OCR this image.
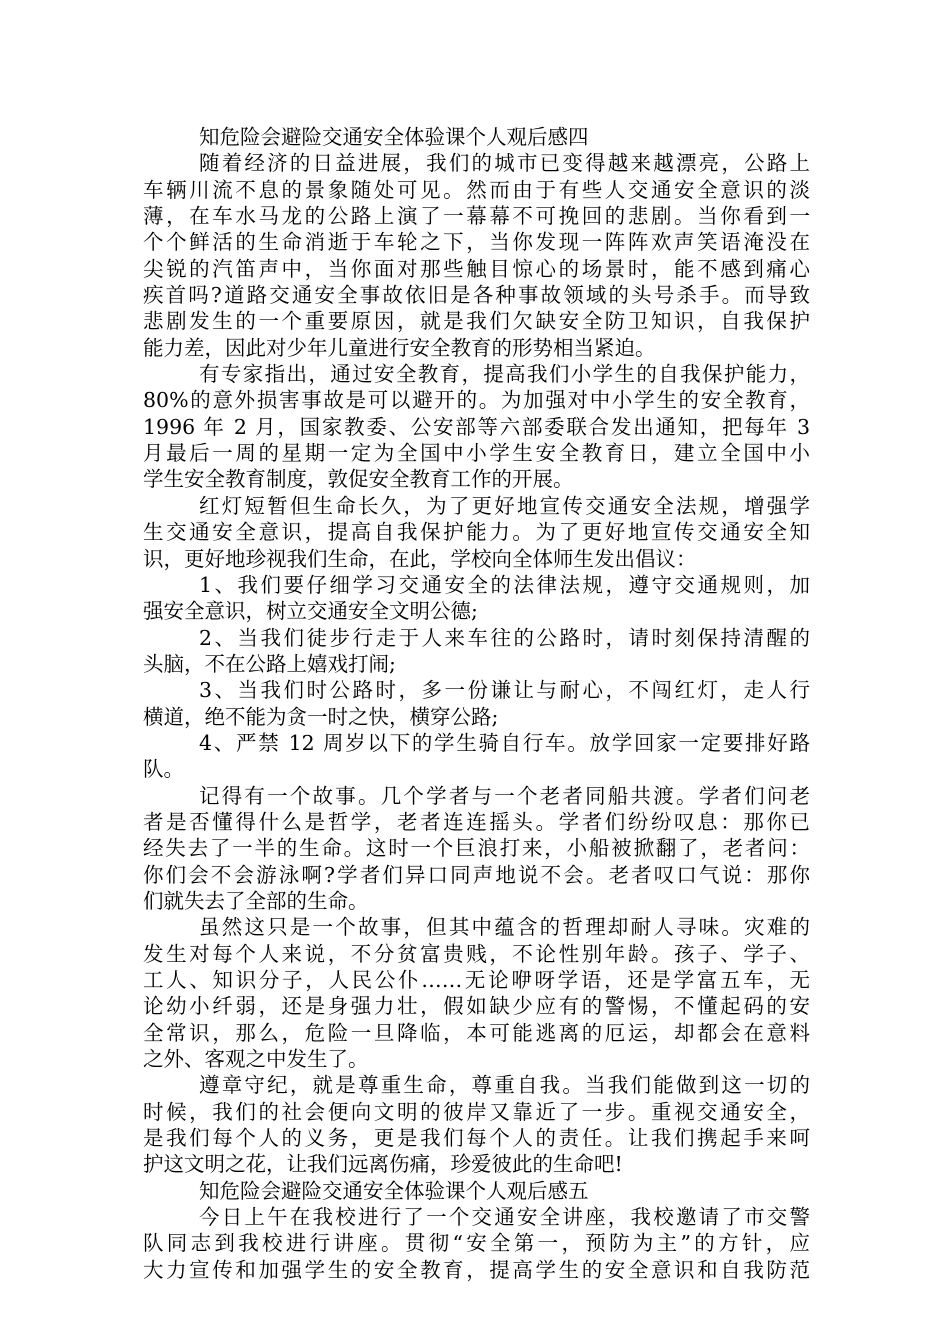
知危险会避险交通安全体验课个人观后感四
随着经济的日益进展，我们的城市已变得越来越漂亮，公路上
车辆川流不息的景象随处可见。然而由于有些人交通安全意识的淡
薄，在车水马龙的公路上演了一幕幕不可挽回的悲剧。当你看到一
个个鲜活的生命消逝于车轮之下，当你发现一阵阵欢声笑语淹没在
尖锐的汽笛声中，当你面对那些触目惊心的场景时，能不感到痛心
疾首吗?道路交通安全事故依旧是各种事故领域的头号杀手。而导致
悲剧发生的一个重要原因，就是我们欠缺安全防卫知识，自我保护
能力差，因此对少年儿童进行安全教育的形势相当紧迫。
有专家指出，通过安全教育，提高我们小学生的自我保护能力，
80%的意外损害事故是可以避开的。为加强对中小学生的安全教育，
1996 年 2 月，国家教委、公安部等六部委联合发出通知，把每年 3
月最后一周的星期一定为全国中小学生安全教育日，建立全国中小
学生安全教育制度，敦促安全教育工作的开展。
红灯短暂但生命长久，为了更好地宣传交通安全法规，增强学
生交通安全意识，提高自我保护能力。为了更好地宣传交通安全知
识，更好地珍视我们生命，在此，学校向全体师生发出倡议：
1、我们要仔细学习交通安全的法律法规，遵守交通规则，加
强安全意识，树立交通安全文明公德;
2、当我们徒步行走于人来车往的公路时，请时刻保持清醒的
头脑，不在公路上嬉戏打闹;
3、当我们时公路时，多一份谦让与耐心，不闯红灯，走人行
横道，绝不能为贪一时之快，横穿公路;
4、严禁 12 周岁以下的学生骑自行车。放学回家一定要排好路
队。
记得有一个故事。几个学者与一个老者同船共渡。学者们问老
者是否懂得什么是哲学，老者连连摇头。学者们纷纷叹息：那你已
经失去了一半的生命。这时一个巨浪打来，小船被掀翻了，老者问：
你们会不会游泳啊?学者们异口同声地说不会。老者叹口气说：那你
们就失去了全部的生命。
虽然这只是一个故事，但其中蕴含的哲理却耐人寻味。灾难的
发生对每个人来说，不分贫富贵贱，不论性别年龄。孩子、学子、
工人、知识分子，人民公仆……无论咿呀学语，还是学富五车，无
论幼小纤弱，还是身强力壮，假如缺少应有的警惕，不懂起码的安
全常识，那么，危险一旦降临，本可能逃离的厄运，却都会在意料
之外、客观之中发生了。
遵章守纪，就是尊重生命，尊重自我。当我们能做到这一切的
时候，我们的社会便向文明的彼岸又靠近了一步。重视交通安全，
是我们每个人的义务，更是我们每个人的责任。让我们携起手来呵
护这文明之花，让我们远离伤痛，珍爱彼此的生命吧!
知危险会避险交通安全体验课个人观后感五
今日上午在我校进行了一个交通安全讲座，我校邀请了市交警
队同志到我校进行讲座。贯彻“安全第一，预防为主”的方针，应
大力宣传和加强学生的安全教育，提高学生的安全意识和自我防范
